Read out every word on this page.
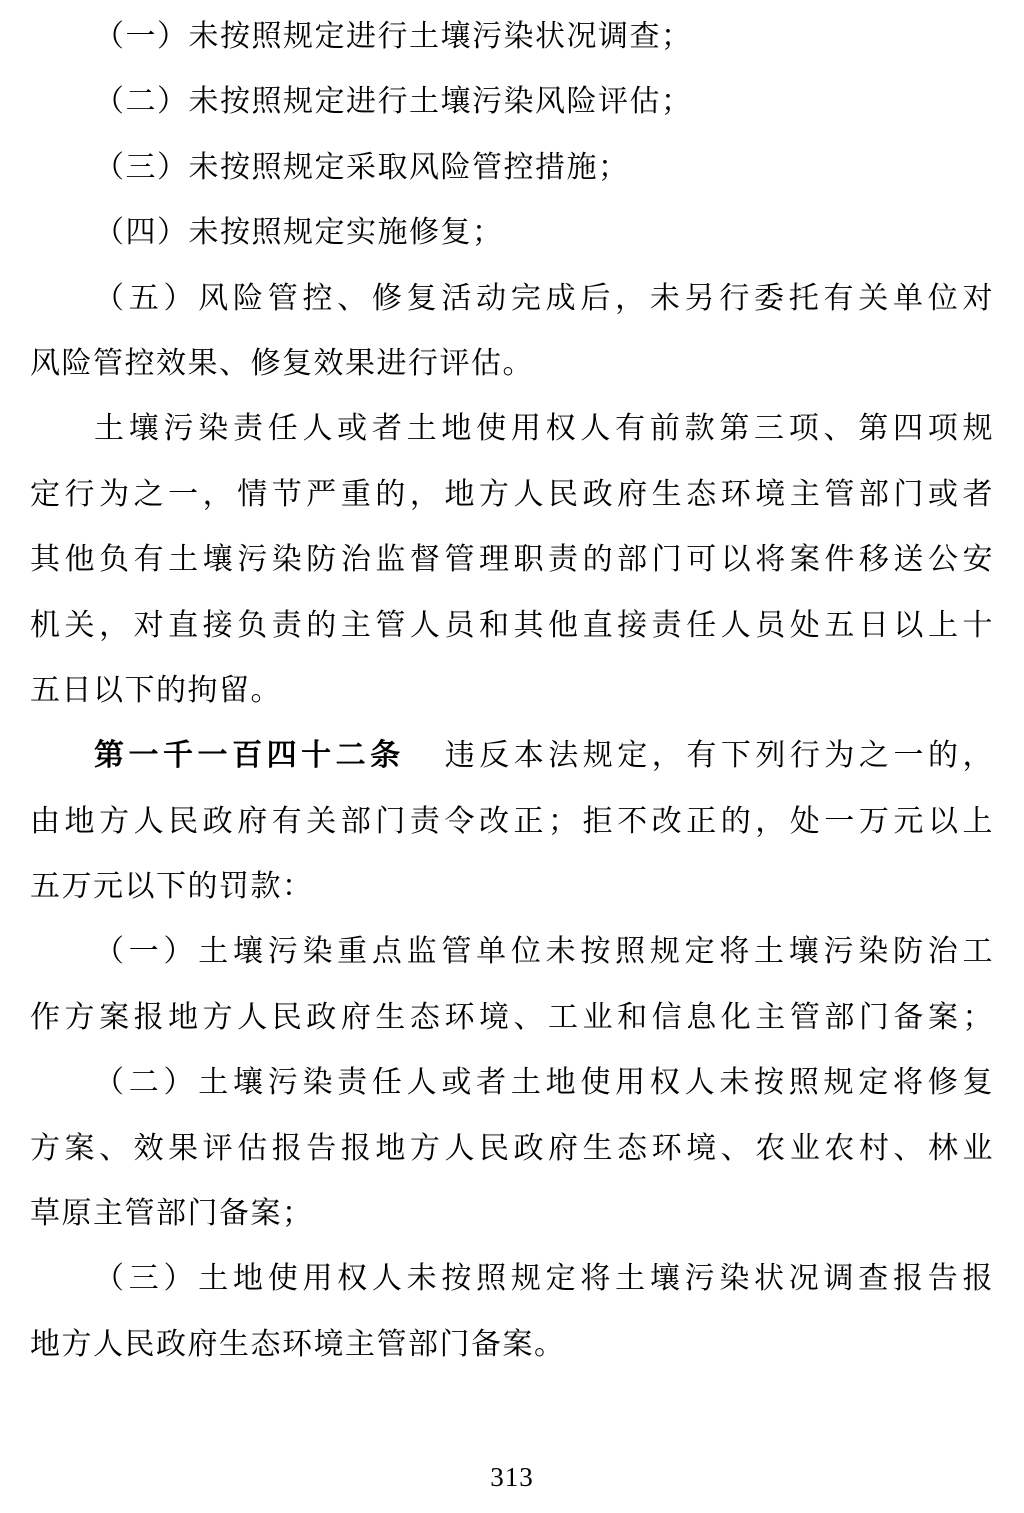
（一）未按照规定进行土壤污染状况调查；
（二）未按照规定进行土壤污染风险评估；
（三）未按照规定采取风险管控措施；
（四）未按照规定实施修复；
（五）风险管控、修复活动完成后，未另行委托有关单位对
风险管控效果、修复效果进行评估。
土壤污染责任人或者土地使用权人有前款第三项、第四项规
定行为之一，情节严重的，地方人民政府生态环境主管部门或者
其他负有土壤污染防治监督管理职责的部门可以将案件移送公安
机关，对直接负责的主管人员和其他直接责任人员处五日以上十
五日以下的拘留。
第一千一百四十二条 违反本法规定，有下列行为之一的，
由地方人民政府有关部门责令改正；拒不改正的，处一万元以上
五万元以下的罚款：
（一）土壤污染重点监管单位未按照规定将土壤污染防治工
作方案报地方人民政府生态环境、工业和信息化主管部门备案；
（二）土壤污染责任人或者土地使用权人未按照规定将修复
方案、效果评估报告报地方人民政府生态环境、农业农村、林业
草原主管部门备案；
（三）土地使用权人未按照规定将土壤污染状况调查报告报
地方人民政府生态环境主管部门备案。
313
